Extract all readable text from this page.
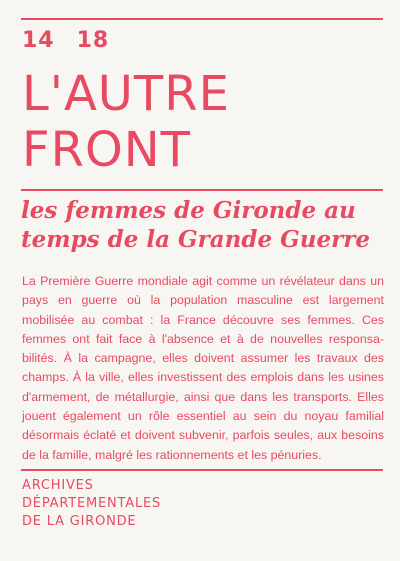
14 18
L'AUTRE
FRONT
les femmes de Gironde au
temps de la Grande Guerre
La Première Guerre mondiale agit comme un révélateur dans un pays en guerre où la population masculine est largement mobilisée au combat : la France découvre ses femmes. Ces femmes ont fait face à l'absence et à de nouvelles responsabilités. À la campagne, elles doivent assumer les travaux des champs. À la ville, elles investissent des emplois dans les usines d'armement, de métallurgie, ainsi que dans les transports. Elles jouent également un rôle essentiel au sein du noyau familial désormais éclaté et doivent subvenir, parfois seules, aux besoins de la famille, malgré les rationnements et les pénuries.
ARCHIVES
DÉPARTEMENTALES
DE LA GIRONDE
